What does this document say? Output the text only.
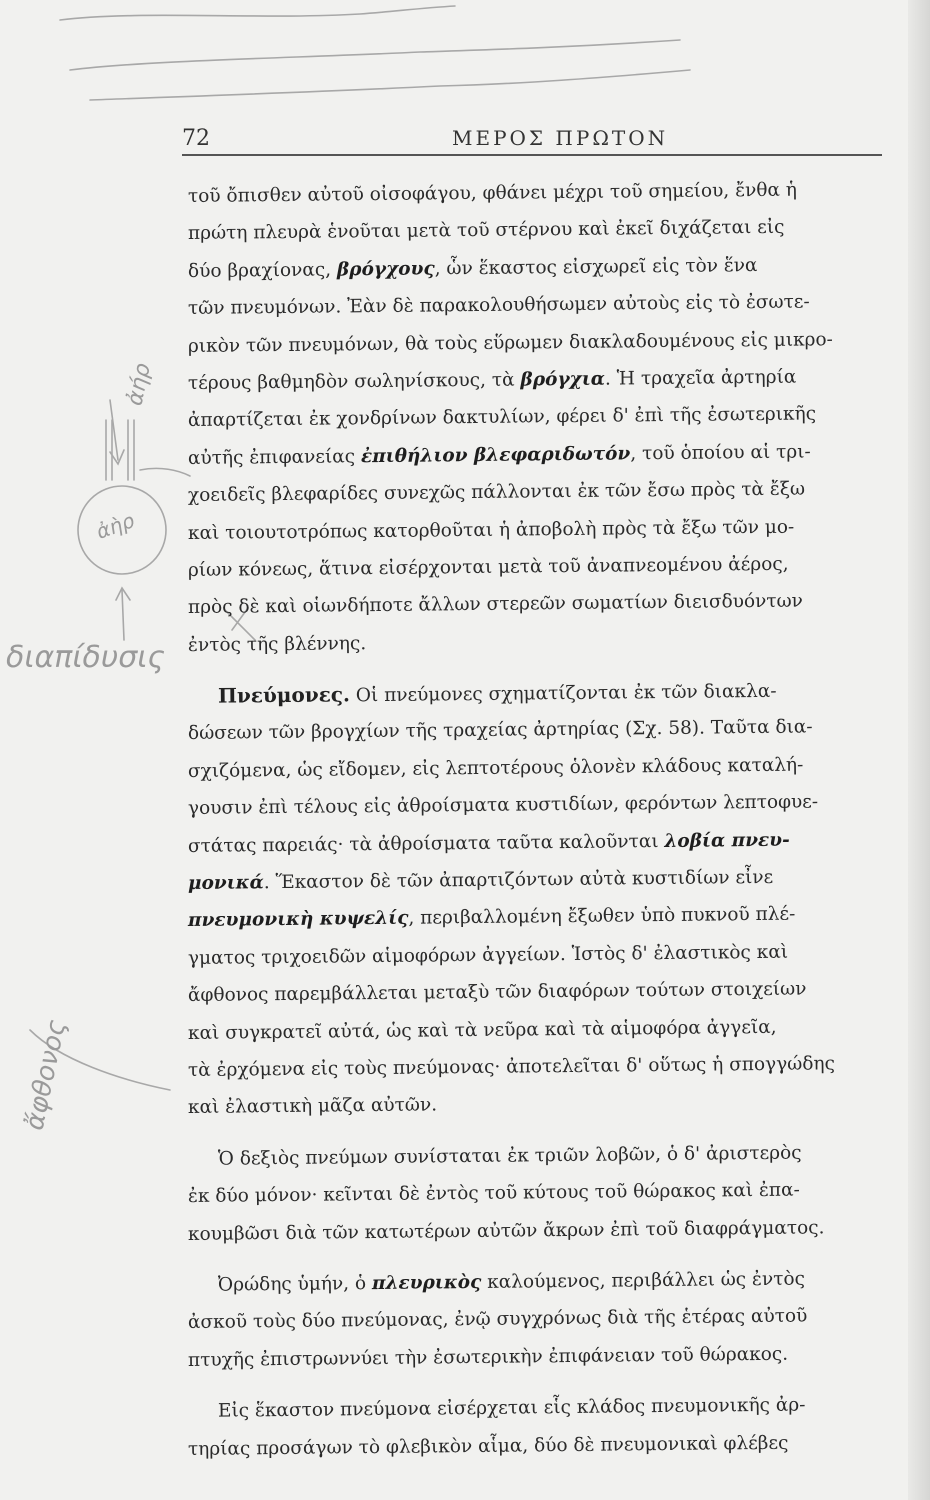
ἀήρ
ἀὴρ
διαπίδυσις
ἄφθονος
72	ΜΕΡΟΣ ΠΡΩΤΟΝ
τοῦ ὄπισθεν αὐτοῦ οἰσοφάγου, φθάνει μέχρι τοῦ σημείου, ἔνθα ἡ
πρώτη πλευρὰ ἑνοῦται μετὰ τοῦ στέρνου καὶ ἐκεῖ διχάζεται εἰς
δύο βραχίονας, βρόγχους, ὧν ἕκαστος εἰσχωρεῖ εἰς τὸν ἕνα
τῶν πνευμόνων. Ἐὰν δὲ παρακολουθήσωμεν αὐτοὺς εἰς τὸ ἐσωτε-
ρικὸν τῶν πνευμόνων, θὰ τοὺς εὕρωμεν διακλαδουμένους εἰς μικρο-
τέρους βαθμηδὸν σωληνίσκους, τὰ βρόγχια. Ἡ τραχεῖα ἀρτηρία
ἀπαρτίζεται ἐκ χονδρίνων δακτυλίων, φέρει δ' ἐπὶ τῆς ἐσωτερικῆς
αὐτῆς ἐπιφανείας ἐπιθήλιον βλεφαριδωτόν, τοῦ ὁποίου αἱ τρι-
χοειδεῖς βλεφαρίδες συνεχῶς πάλλονται ἐκ τῶν ἔσω πρὸς τὰ ἔξω
καὶ τοιουτοτρόπως κατορθοῦται ἡ ἀποβολὴ πρὸς τὰ ἔξω τῶν μο-
ρίων κόνεως, ἅτινα εἰσέρχονται μετὰ τοῦ ἀναπνεομένου ἀέρος,
πρὸς δὲ καὶ οἱωνδήποτε ἄλλων στερεῶν σωματίων διεισδυόντων
ἐντὸς τῆς βλέννης.
Πνεύμονες. Οἱ πνεύμονες σχηματίζονται ἐκ τῶν διακλα-
δώσεων τῶν βρογχίων τῆς τραχείας ἀρτηρίας (Σχ. 58). Ταῦτα δια-
σχιζόμενα, ὡς εἴδομεν, εἰς λεπτοτέρους ὁλονὲν κλάδους καταλή-
γουσιν ἐπὶ τέλους εἰς ἀθροίσματα κυστιδίων, φερόντων λεπτοφυε-
στάτας παρειάς· τὰ ἀθροίσματα ταῦτα καλοῦνται λοβία πνευ-
μονικά. Ἕκαστον δὲ τῶν ἀπαρτιζόντων αὐτὰ κυστιδίων εἶνε
πνευμονικὴ κυψελίς, περιβαλλομένη ἔξωθεν ὑπὸ πυκνοῦ πλέ-
γματος τριχοειδῶν αἱμοφόρων ἀγγείων. Ἱστὸς δ' ἐλαστικὸς καὶ
ἄφθονος παρεμβάλλεται μεταξὺ τῶν διαφόρων τούτων στοιχείων
καὶ συγκρατεῖ αὐτά, ὡς καὶ τὰ νεῦρα καὶ τὰ αἱμοφόρα ἀγγεῖα,
τὰ ἐρχόμενα εἰς τοὺς πνεύμονας· ἀποτελεῖται δ' οὕτως ἡ σπογγώδης
καὶ ἐλαστικὴ μᾶζα αὐτῶν.
Ὁ δεξιὸς πνεύμων συνίσταται ἐκ τριῶν λοβῶν, ὁ δ' ἀριστερὸς
ἐκ δύο μόνον· κεῖνται δὲ ἐντὸς τοῦ κύτους τοῦ θώρακος καὶ ἐπα-
κουμβῶσι διὰ τῶν κατωτέρων αὐτῶν ἄκρων ἐπὶ τοῦ διαφράγματος.
Ὀρώδης ὑμήν, ὁ πλευρικὸς καλούμενος, περιβάλλει ὡς ἐντὸς
ἀσκοῦ τοὺς δύο πνεύμονας, ἐνῷ συγχρόνως διὰ τῆς ἑτέρας αὐτοῦ
πτυχῆς ἐπιστρωννύει τὴν ἐσωτερικὴν ἐπιφάνειαν τοῦ θώρακος.
Εἰς ἕκαστον πνεύμονα εἰσέρχεται εἷς κλάδος πνευμονικῆς ἀρ-
τηρίας προσάγων τὸ φλεβικὸν αἷμα, δύο δὲ πνευμονικαὶ φλέβες
